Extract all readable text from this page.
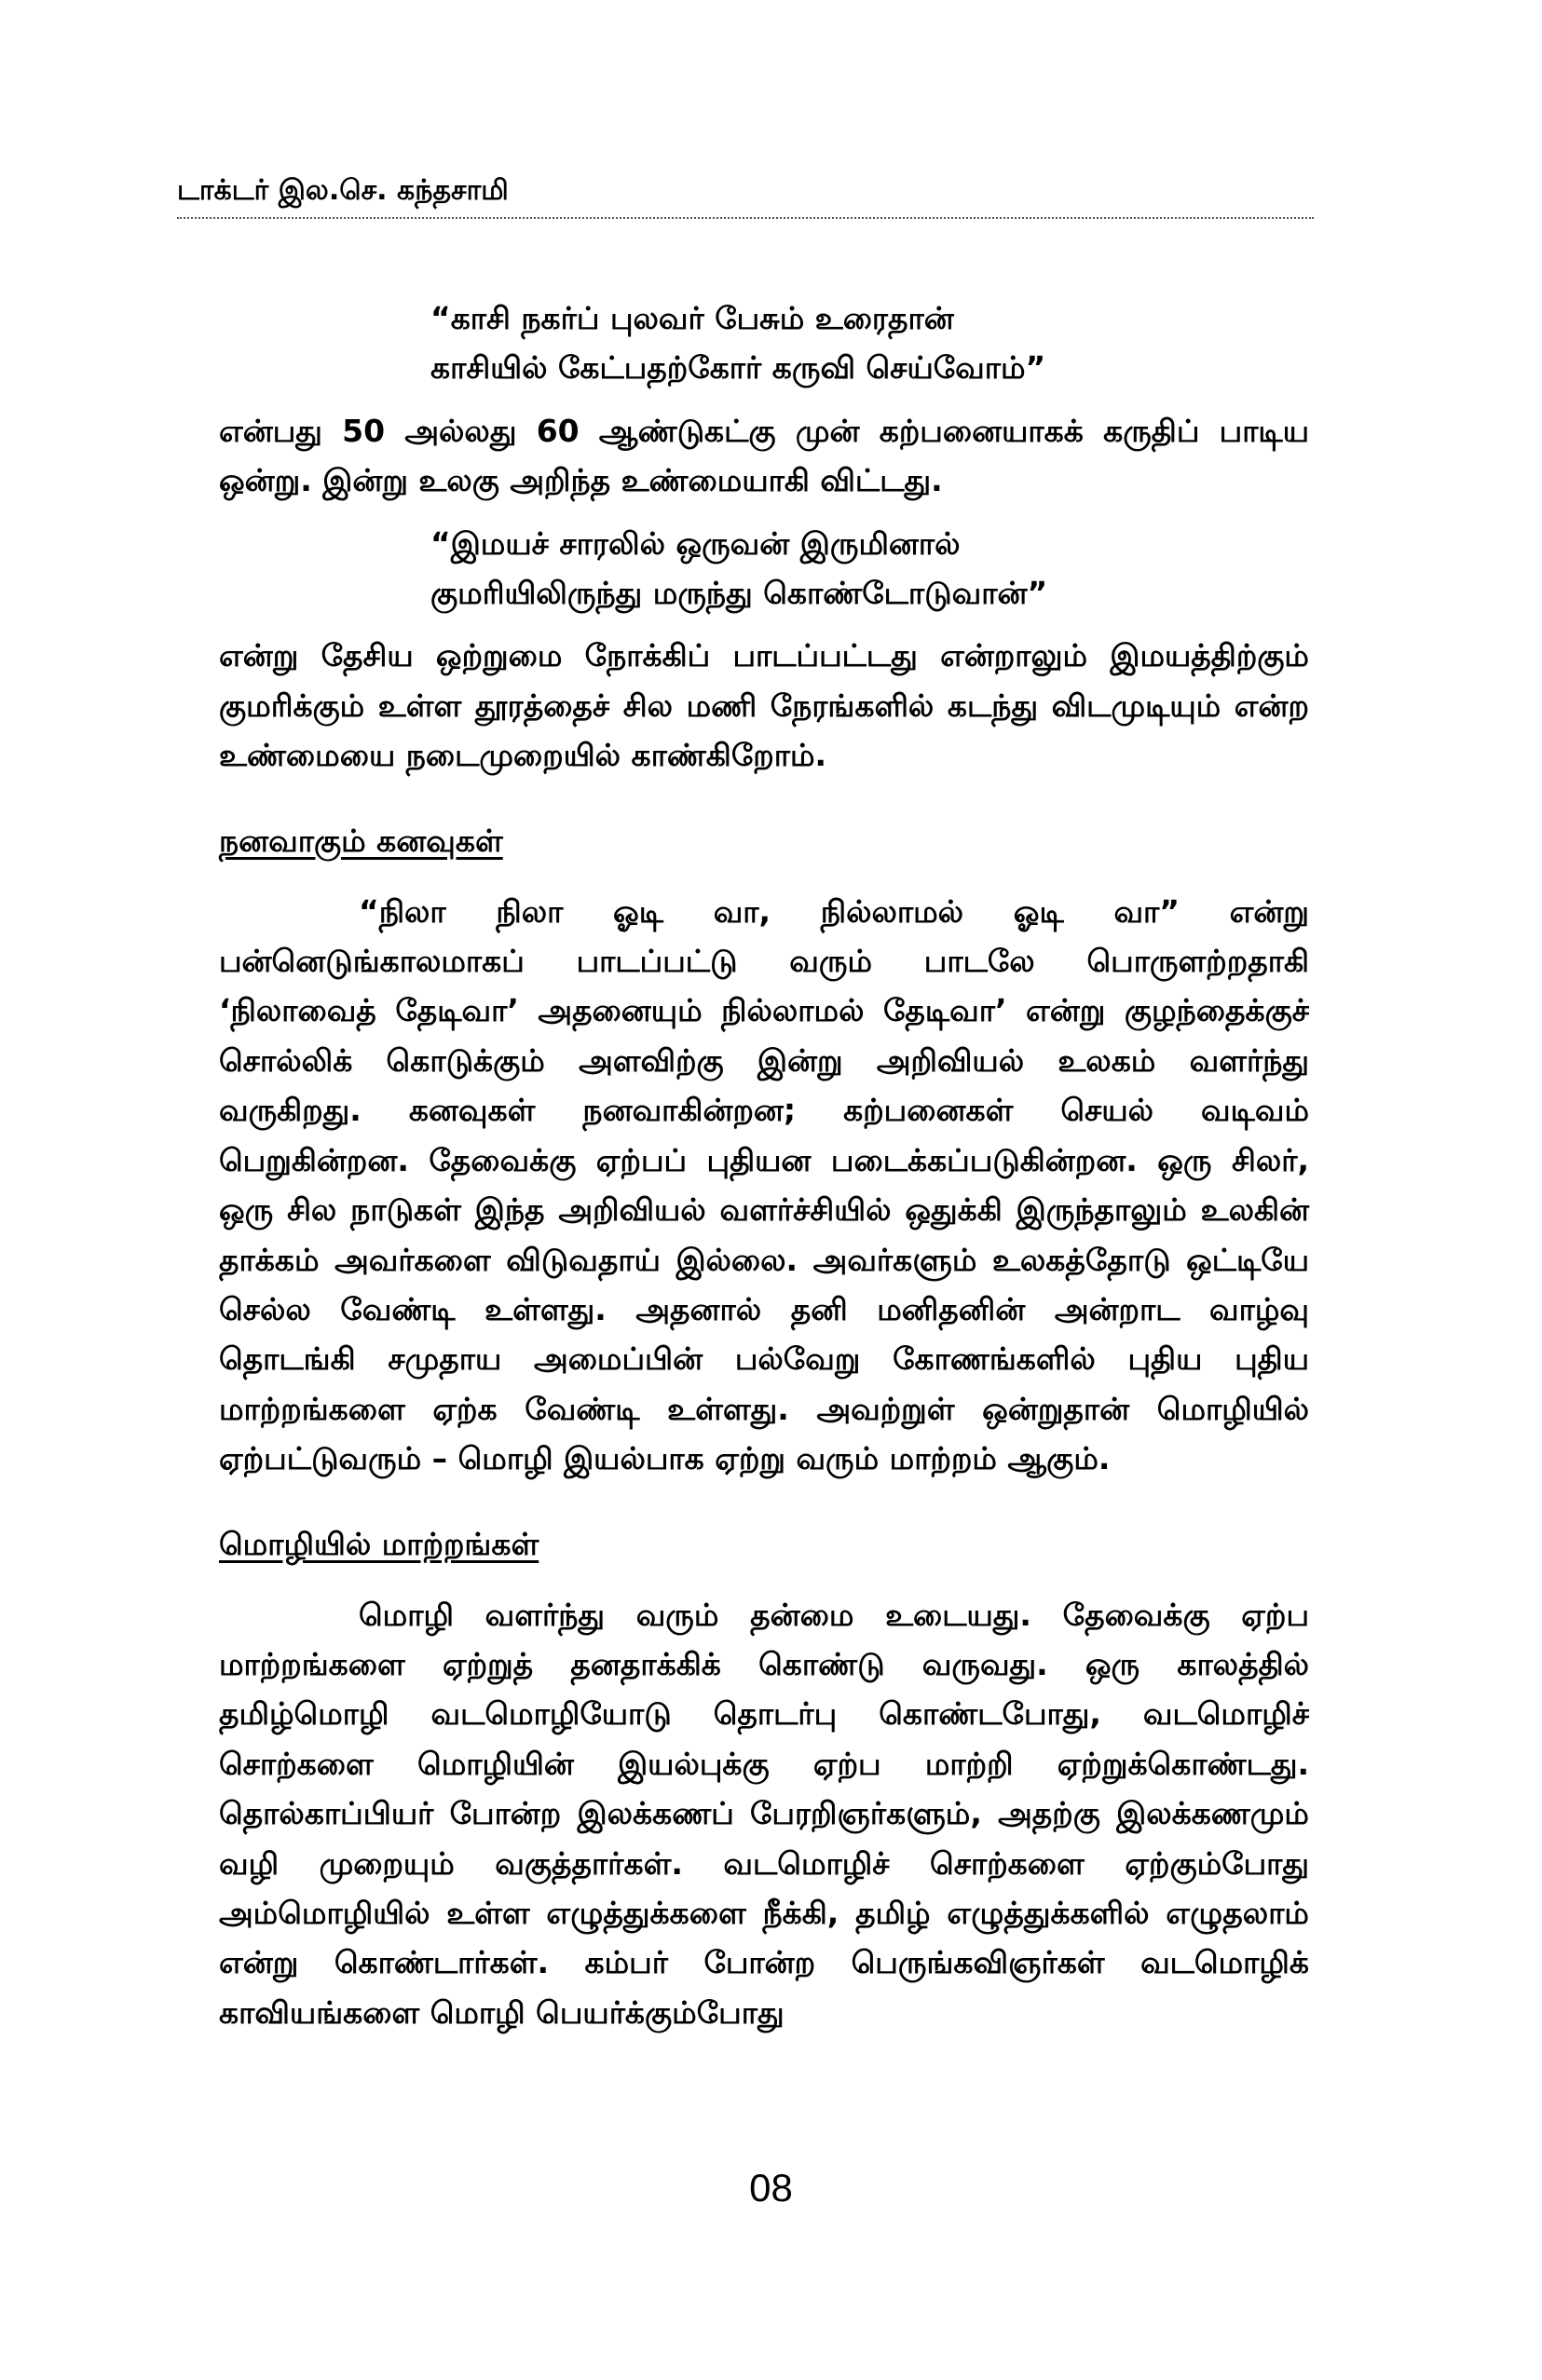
டாக்டர் இல.செ. கந்தசாமி
“காசி நகர்ப் புலவர் பேசும் உரைதான்
காசியில் கேட்பதற்கோர் கருவி செய்வோம்”

என்பது 50 அல்லது 60 ஆண்டுகட்கு முன் கற்பனையாகக் கருதிப் பாடிய ஒன்று. இன்று உலகு அறிந்த உண்மையாகி விட்டது.

“இமயச் சாரலில் ஒருவன் இருமினால்
குமரியிலிருந்து மருந்து கொண்டோடுவான்”

என்று தேசிய ஒற்றுமை நோக்கிப் பாடப்பட்டது என்றாலும் இமயத்திற்கும் குமரிக்கும் உள்ள தூரத்தைச் சில மணி நேரங்களில் கடந்து விடமுடியும் என்ற உண்மையை நடைமுறையில் காண்கிறோம்.

நனவாகும் கனவுகள்

“நிலா நிலா ஓடி வா, நில்லாமல் ஓடி வா” என்று பன்னெடுங்காலமாகப் பாடப்பட்டு வரும் பாடலே பொருளற்றதாகி ‘நிலாவைத் தேடிவா’ அதனையும் நில்லாமல் தேடிவா’ என்று குழந்தைக்குச் சொல்லிக் கொடுக்கும் அளவிற்கு இன்று அறிவியல் உலகம் வளர்ந்து வருகிறது. கனவுகள் நனவாகின்றன; கற்பனைகள் செயல் வடிவம் பெறுகின்றன. தேவைக்கு ஏற்பப் புதியன படைக்கப்படுகின்றன. ஒரு சிலர், ஒரு சில நாடுகள் இந்த அறிவியல் வளர்ச்சியில் ஒதுக்கி இருந்தாலும் உலகின் தாக்கம் அவர்களை விடுவதாய் இல்லை. அவர்களும் உலகத்தோடு ஒட்டியே செல்ல வேண்டி உள்ளது. அதனால் தனி மனிதனின் அன்றாட வாழ்வு தொடங்கி சமுதாய அமைப்பின் பல்வேறு கோணங்களில் புதிய புதிய மாற்றங்களை ஏற்க வேண்டி உள்ளது. அவற்றுள் ஒன்றுதான் மொழியில் ஏற்பட்டுவரும் – மொழி இயல்பாக ஏற்று வரும் மாற்றம் ஆகும்.

மொழியில் மாற்றங்கள்

மொழி வளர்ந்து வரும் தன்மை உடையது. தேவைக்கு ஏற்ப மாற்றங்களை ஏற்றுத் தனதாக்கிக் கொண்டு வருவது. ஒரு காலத்தில் தமிழ்மொழி வடமொழியோடு தொடர்பு கொண்டபோது, வடமொழிச் சொற்களை மொழியின் இயல்புக்கு ஏற்ப மாற்றி ஏற்றுக்கொண்டது. தொல்காப்பியர் போன்ற இலக்கணப் பேரறிஞர்களும், அதற்கு இலக்கணமும் வழி முறையும் வகுத்தார்கள். வடமொழிச் சொற்களை ஏற்கும்போது அம்மொழியில் உள்ள எழுத்துக்களை நீக்கி, தமிழ் எழுத்துக்களில் எழுதலாம் என்று கொண்டார்கள். கம்பர் போன்ற பெருங்கவிஞர்கள் வடமொழிக் காவியங்களை மொழி பெயர்க்கும்போது

08
